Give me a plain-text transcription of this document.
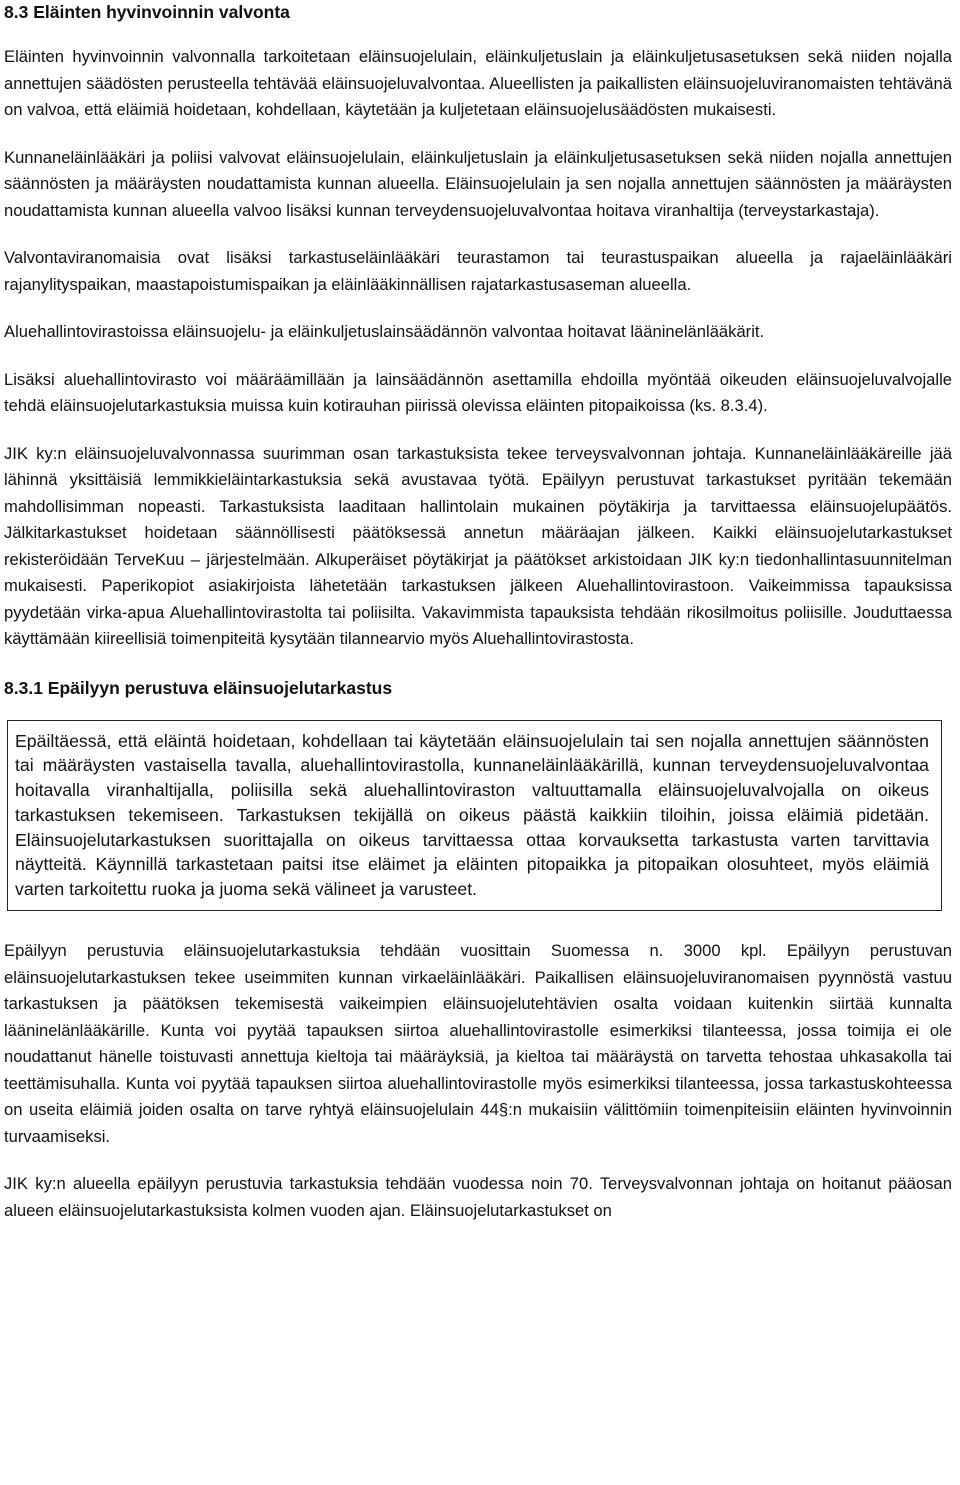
8.3 Eläinten hyvinvoinnin valvonta

Eläinten hyvinvoinnin valvonnalla tarkoitetaan eläinsuojelulain, eläinkuljetuslain ja eläinkuljetusasetuksen sekä niiden nojalla annettujen säädösten perusteella tehtävää eläinsuojeluvalvontaa. Alueellisten ja paikallisten eläinsuojeluviranomaisten tehtävänä on valvoa, että eläimiä hoidetaan, kohdellaan, käytetään ja kuljetetaan eläinsuojelusäädösten mukaisesti.

Kunnaneläinlääkäri ja poliisi valvovat eläinsuojelulain, eläinkuljetuslain ja eläinkuljetusasetuksen sekä niiden nojalla annettujen säännösten ja määräysten noudattamista kunnan alueella. Eläinsuojelulain ja sen nojalla annettujen säännösten ja määräysten noudattamista kunnan alueella valvoo lisäksi kunnan terveydensuojeluvalvontaa hoitava viranhaltija (terveystarkastaja).

Valvontaviranomaisia ovat lisäksi tarkastuseläinlääkäri teurastamon tai teurastuspaikan alueella ja rajaeläinlääkäri rajanylityspaikan, maastapoistumispaikan ja eläinlääkinnällisen rajatarkastusaseman alueella.

Aluehallintovirastoissa eläinsuojelu- ja eläinkuljetuslainsäädännön valvontaa hoitavat lääninelänlääkärit.

Lisäksi aluehallintovirasto voi määräämillään ja lainsäädännön asettamilla ehdoilla myöntää oikeuden eläinsuojeluvalvojalle tehdä eläinsuojelutarkastuksia muissa kuin kotirauhan piirissä olevissa eläinten pitopaikoissa (ks. 8.3.4).

JIK ky:n eläinsuojeluvalvonnassa suurimman osan tarkastuksista tekee terveysvalvonnan johtaja. Kunnaneläinlääkäreille jää lähinnä yksittäisiä lemmikkieläintarkastuksia sekä avustavaa työtä. Epäilyyn perustuvat tarkastukset pyritään tekemään mahdollisimman nopeasti. Tarkastuksista laaditaan hallintolain mukainen pöytäkirja ja tarvittaessa eläinsuojelupäätös. Jälkitarkastukset hoidetaan säännöllisesti päätöksessä annetun määräajan jälkeen. Kaikki eläinsuojelutarkastukset rekisteröidään TerveKuu – järjestelmään. Alkuperäiset pöytäkirjat ja päätökset arkistoidaan JIK ky:n tiedonhallintasuunnitelman mukaisesti. Paperikopiot asiakirjoista lähetetään tarkastuksen jälkeen Aluehallintovirastoon. Vaikeimmissa tapauksissa pyydetään virka-apua Aluehallintovirastolta tai poliisilta. Vakavimmista tapauksista tehdään rikosilmoitus poliisille. Jouduttaessa käyttämään kiireellisiä toimenpiteitä kysytään tilannearvio myös Aluehallintovirastosta.

8.3.1 Epäilyyn perustuva eläinsuojelutarkastus

Epäiltäessä, että eläintä hoidetaan, kohdellaan tai käytetään eläinsuojelulain tai sen nojalla annettujen säännösten tai määräysten vastaisella tavalla, aluehallintovirastolla, kunnaneläinlääkärillä, kunnan terveydensuojeluvalvontaa hoitavalla viranhaltijalla, poliisilla sekä aluehallintoviraston valtuuttamalla eläinsuojeluvalvojalla on oikeus tarkastuksen tekemiseen. Tarkastuksen tekijällä on oikeus päästä kaikkiin tiloihin, joissa eläimiä pidetään. Eläinsuojelutarkastuksen suorittajalla on oikeus tarvittaessa ottaa korvauksetta tarkastusta varten tarvittavia näytteitä. Käynnillä tarkastetaan paitsi itse eläimet ja eläinten pitopaikka ja pitopaikan olosuhteet, myös eläimiä varten tarkoitettu ruoka ja juoma sekä välineet ja varusteet.

Epäilyyn perustuvia eläinsuojelutarkastuksia tehdään vuosittain Suomessa n. 3000 kpl. Epäilyyn perustuvan eläinsuojelutarkastuksen tekee useimmiten kunnan virkaeläinlääkäri. Paikallisen eläinsuojeluviranomaisen pyynnöstä vastuu tarkastuksen ja päätöksen tekemisestä vaikeimpien eläinsuojelutehtävien osalta voidaan kuitenkin siirtää kunnalta lääninelänlääkärille. Kunta voi pyytää tapauksen siirtoa aluehallintovirastolle esimerkiksi tilanteessa, jossa toimija ei ole noudattanut hänelle toistuvasti annettuja kieltoja tai määräyksiä, ja kieltoa tai määräystä on tarvetta tehostaa uhkasakolla tai teettämisuhalla. Kunta voi pyytää tapauksen siirtoa aluehallintovirastolle myös esimerkiksi tilanteessa, jossa tarkastuskohteessa on useita eläimiä joiden osalta on tarve ryhtyä eläinsuojelulain 44§:n mukaisiin välittömiin toimenpiteisiin eläinten hyvinvoinnin turvaamiseksi.

JIK ky:n alueella epäilyyn perustuvia tarkastuksia tehdään vuodessa noin 70. Terveysvalvonnan johtaja on hoitanut pääosan alueen eläinsuojelutarkastuksista kolmen vuoden ajan. Eläinsuojelutarkastukset on
